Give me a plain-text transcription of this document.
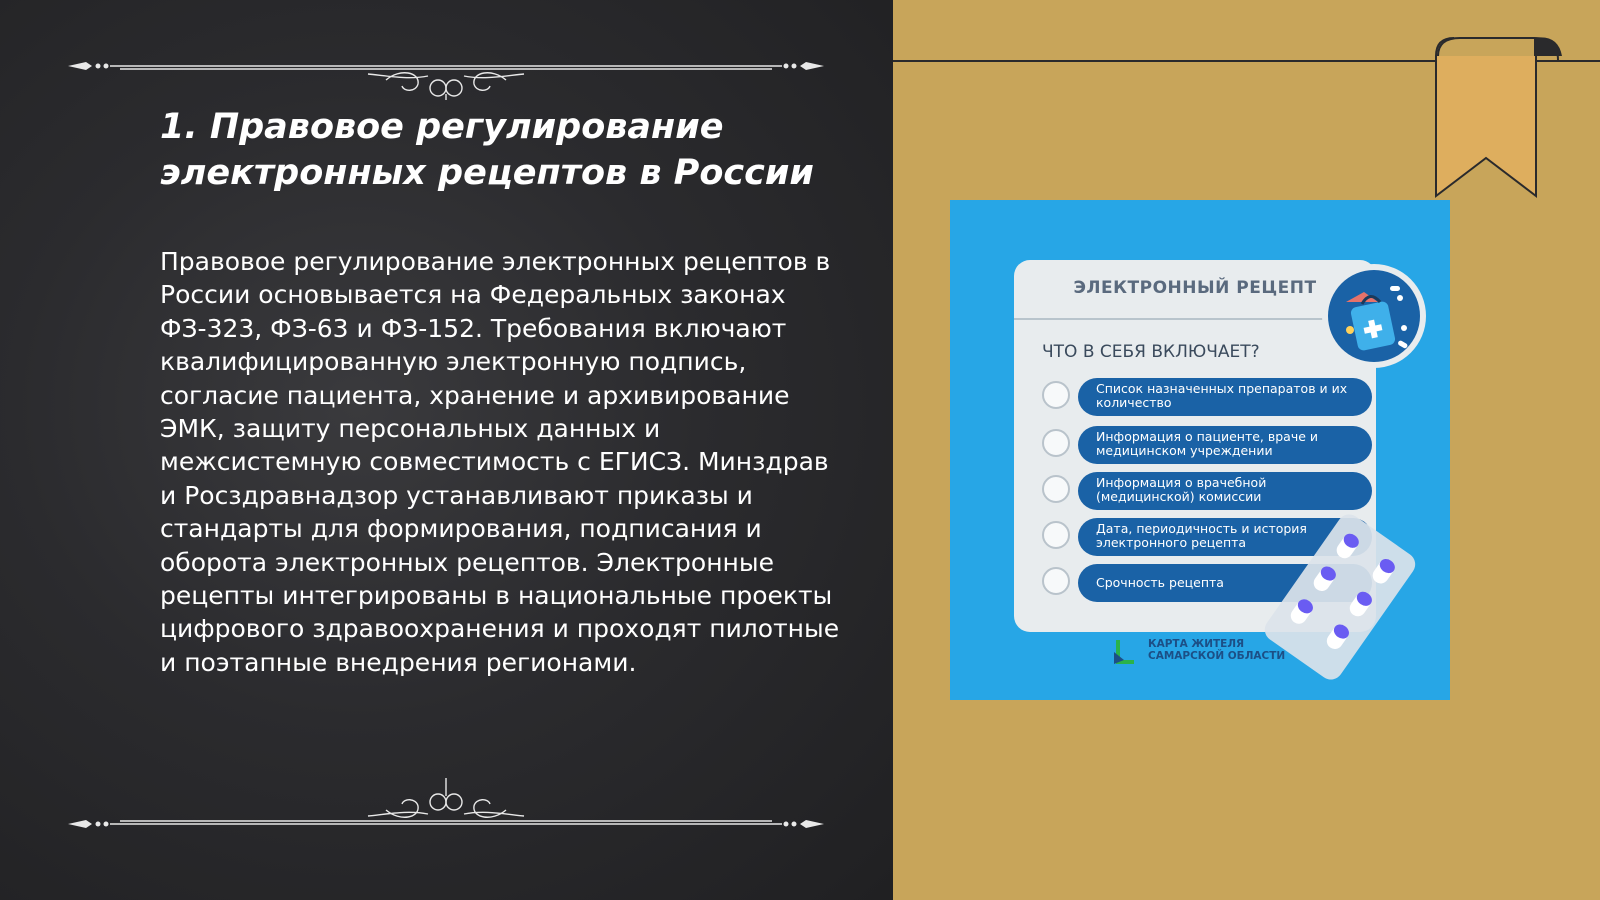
1. Правовое регулирование электронных рецептов в России

Правовое регулирование электронных рецептов в России основывается на Федеральных законах ФЗ-323, ФЗ-63 и ФЗ-152. Требования включают квалифицированную электронную подпись, согласие пациента, хранение и архивирование ЭМК, защиту персональных данных и межсистемную совместимость с ЕГИСЗ. Минздрав и Росздравнадзор устанавливают приказы и стандарты для формирования, подписания и оборота электронных рецептов. Электронные рецепты интегрированы в национальные проекты цифрового здравоохранения и проходят пилотные и поэтапные внедрения регионами.

ЭЛЕКТРОННЫЙ РЕЦЕПТ
ЧТО В СЕБЯ ВКЛЮЧАЕТ?
Список назначенных препаратов и их количество
Информация о пациенте, враче и медицинском учреждении
Информация о врачебной (медицинской) комиссии
Дата, периодичность и история электронного рецепта
Срочность рецепта
КАРТА ЖИТЕЛЯ
САМАРСКОЙ ОБЛАСТИ
